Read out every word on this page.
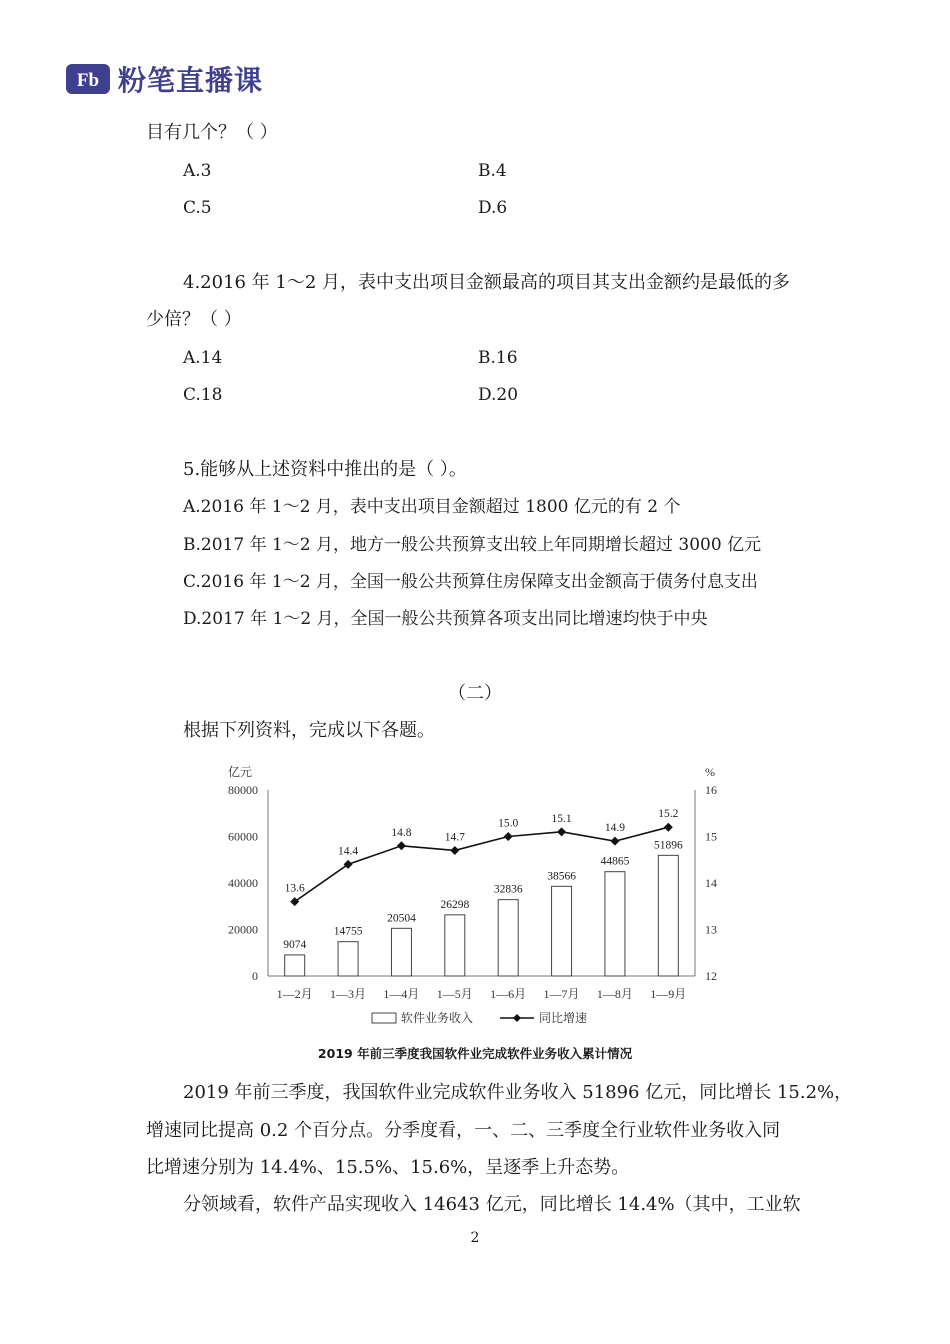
Fb 粉笔直播课
目有几个？（ ）
A.3	B.4
C.5	D.6
4.2016 年 1～2 月，表中支出项目金额最高的项目其支出金额约是最低的多
少倍？（ ）
A.14	B.16
C.18	D.20
5.能够从上述资料中推出的是（ ）。
A.2016 年 1～2 月，表中支出项目金额超过 1800 亿元的有 2 个
B.2017 年 1～2 月，地方一般公共预算支出较上年同期增长超过 3000 亿元
C.2016 年 1～2 月，全国一般公共预算住房保障支出金额高于债务付息支出
D.2017 年 1～2 月，全国一般公共预算各项支出同比增速均快于中央
（二）
根据下列资料，完成以下各题。
0
20000
40000
60000
80000
亿元
12
13
14
15
16
%
9074
1—2月
14755
1—3月
20504
1—4月
26298
1—5月
32836
1—6月
38566
1—7月
44865
1—8月
51896
1—9月
13.6
14.4
14.8	14.7
15.0	15.1
14.9
15.2
软件业务收入	同比增速
2019 年前三季度我国软件业完成软件业务收入累计情况
2019 年前三季度，我国软件业完成软件业务收入 51896 亿元，同比增长 15.2%，
增速同比提高 0.2 个百分点。分季度看，一、二、三季度全行业软件业务收入同
比增速分别为 14.4%、15.5%、15.6%，呈逐季上升态势。
分领域看，软件产品实现收入 14643 亿元，同比增长 14.4%（其中，工业软
2
